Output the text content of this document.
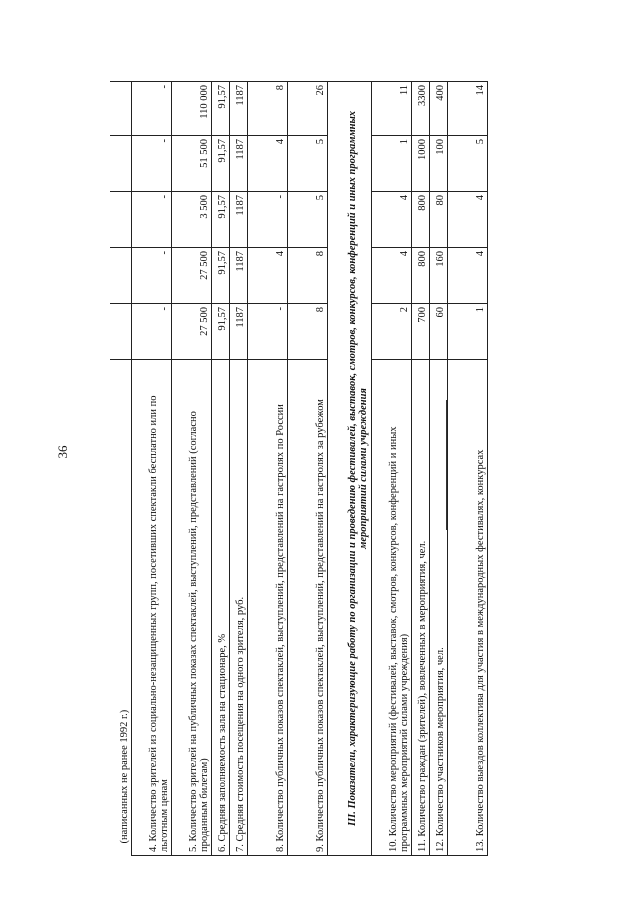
36
(написанных не ранее 1992 г.)					
4. Количество зрителей из социально-незащищенных групп, посетивших спектакли бесплатно или по льготным ценам	-	-	-	-	-
5. Количество зрителей на публичных показах спектаклей, выступлений, представлений (согласно проданным билетам)	27 500	27 500	3 500	51 500	110 000
6. Средняя заполняемость зала на стационаре, %	91,57	91,57	91,57	91,57	91,57
7. Средняя стоимость посещения на одного зрителя, руб.	1187	1187	1187	1187	1187
8. Количество публичных показов спектаклей, выступлений, представлений на гастролях по России	-	4	-	4	8
9. Количество публичных показов спектаклей, выступлений, представлений на гастролях за рубежом	8	8	5	5	26
III. Показатели, характеризующие работу по организации и проведению фестивалей, выставок, смотров, конкурсов, конференций и иных программных мероприятий силами учреждения					
10. Количество мероприятий (фестивалей, выставок, смотров, конкурсов, конференций и иных программных мероприятий силами учреждения)	2	4	4	1	11
11. Количество граждан (зрителей), вовлеченных в мероприятия, чел.	700	800	800	1000	3300
12. Количество участников мероприятия, чел.	60	160	80	100	400
13. Количество выездов коллектива для участия в международных фестивалях, конкурсах	1	4	4	5	14
